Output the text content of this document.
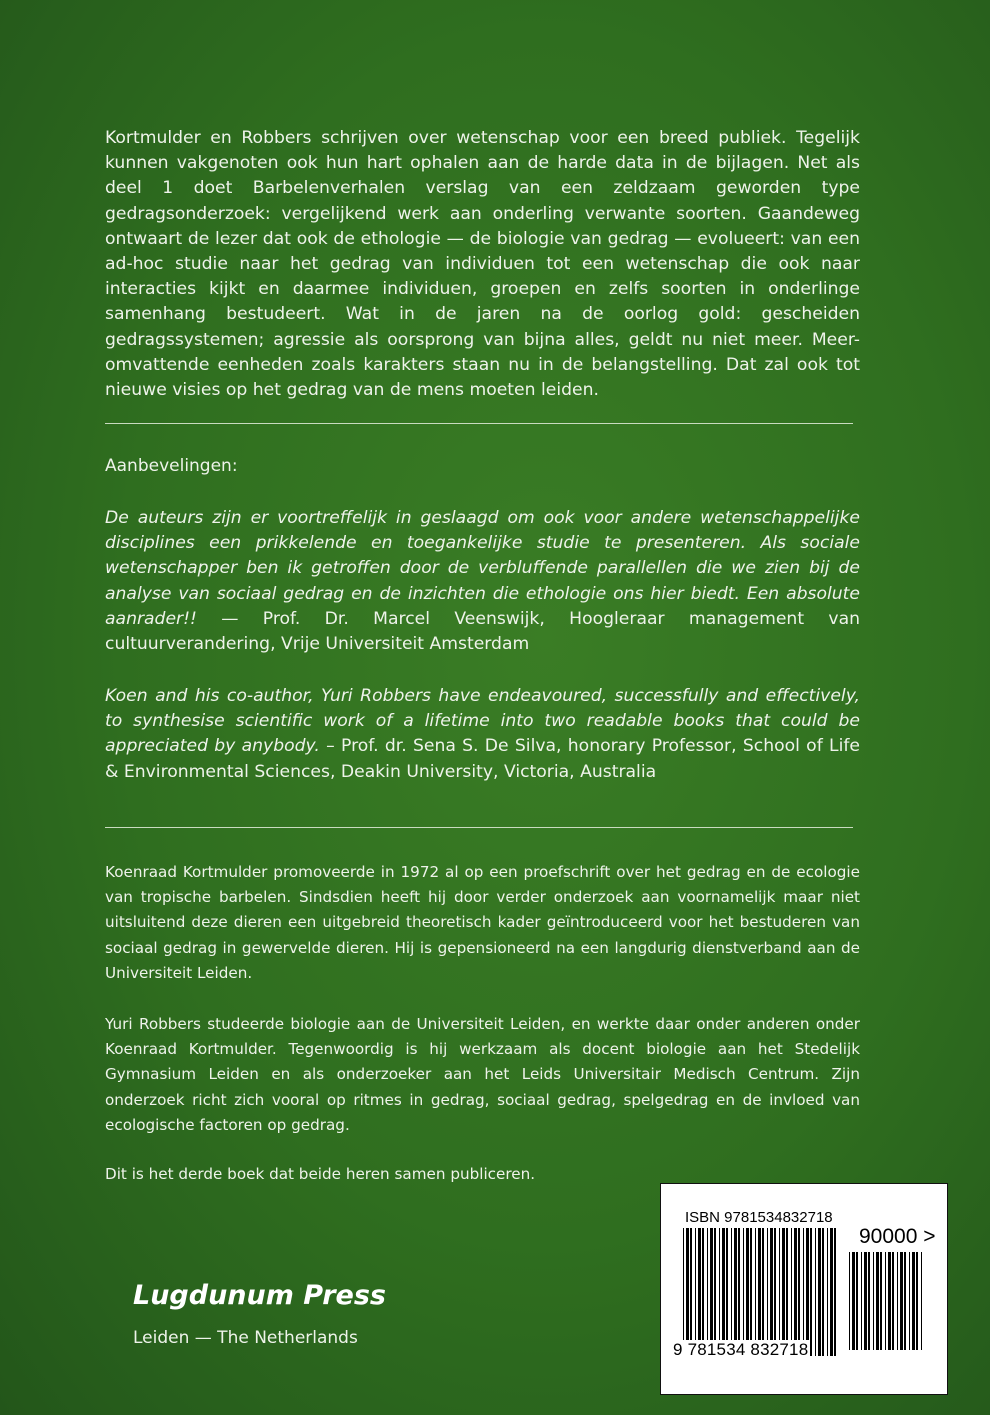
Kortmulder en Robbers schrijven over wetenschap voor een breed publiek. Tegelijk kunnen vakgenoten ook hun hart ophalen aan de harde data in de bijlagen. Net als deel 1 doet Barbelenverhalen verslag van een zeldzaam geworden type gedragsonderzoek: vergelijkend werk aan onderling verwante soorten. Gaandeweg ontwaart de lezer dat ook de ethologie — de biologie van gedrag — evolueert: van een ad-hoc studie naar het gedrag van individuen tot een wetenschap die ook naar interacties kijkt en daarmee individuen, groepen en zelfs soorten in onderlinge samenhang bestudeert. Wat in de jaren na de oorlog gold: gescheiden gedragssystemen; agressie als oorsprong van bijna alles, geldt nu niet meer. Meer-omvattende eenheden zoals karakters staan nu in de belangstelling. Dat zal ook tot nieuwe visies op het gedrag van de mens moeten leiden.

Aanbevelingen:

De auteurs zijn er voortreffelijk in geslaagd om ook voor andere wetenschappelijke disciplines een prikkelende en toegankelijke studie te presenteren. Als sociale wetenschapper ben ik getroffen door de verbluffende parallellen die we zien bij de analyse van sociaal gedrag en de inzichten die ethologie ons hier biedt. Een absolute aanrader!! — Prof. Dr. Marcel Veenswijk, Hoogleraar management van cultuurverandering, Vrije Universiteit Amsterdam

Koen and his co-author, Yuri Robbers have endeavoured, successfully and effectively, to synthesise scientific work of a lifetime into two readable books that could be appreciated by anybody. – Prof. dr. Sena S. De Silva, honorary Professor, School of Life & Environmental Sciences, Deakin University, Victoria, Australia

Koenraad Kortmulder promoveerde in 1972 al op een proefschrift over het gedrag en de ecologie van tropische barbelen. Sindsdien heeft hij door verder onderzoek aan voornamelijk maar niet uitsluitend deze dieren een uitgebreid theoretisch kader geïntroduceerd voor het bestuderen van sociaal gedrag in gewervelde dieren. Hij is gepensioneerd na een langdurig dienstverband aan de Universiteit Leiden.

Yuri Robbers studeerde biologie aan de Universiteit Leiden, en werkte daar onder anderen onder Koenraad Kortmulder. Tegenwoordig is hij werkzaam als docent biologie aan het Stedelijk Gymnasium Leiden en als onderzoeker aan het Leids Universitair Medisch Centrum. Zijn onderzoek richt zich vooral op ritmes in gedrag, sociaal gedrag, spelgedrag en de invloed van ecologische factoren op gedrag.

Dit is het derde boek dat beide heren samen publiceren.

Lugdunum Press

Leiden — The Netherlands

ISBN 9781534832718

90000 >

9 781534 832718
